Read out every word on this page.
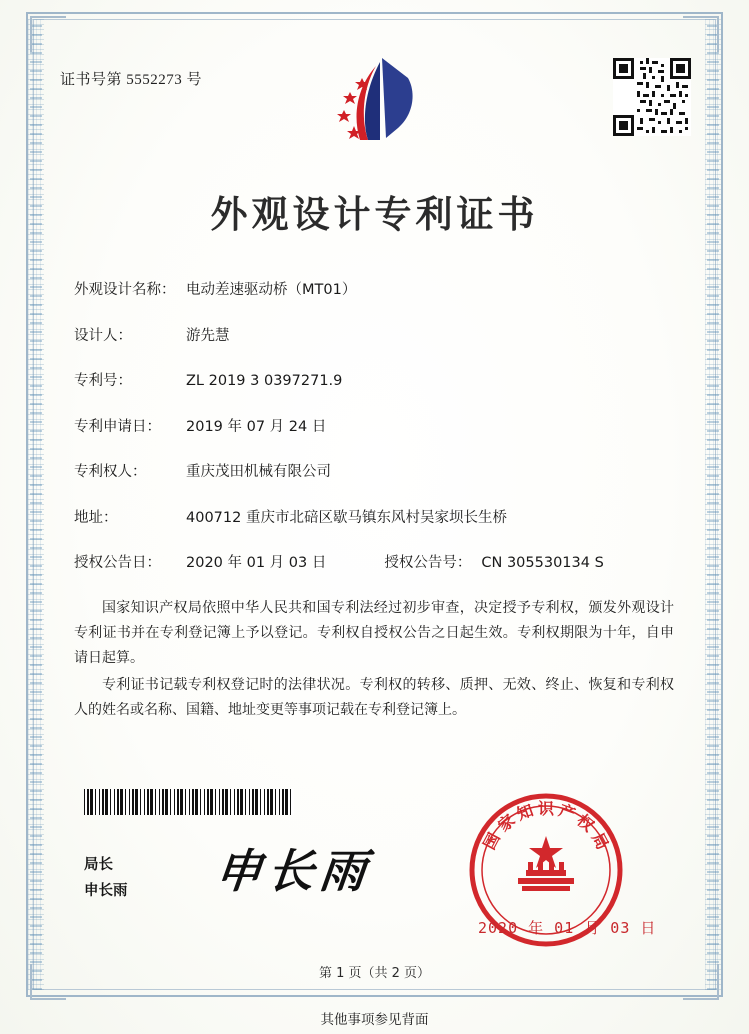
证书号第 5552273 号
外观设计专利证书
外观设计名称： 电动差速驱动桥（MT01）
设计人：	游先慧
专利号：	ZL 2019 3 0397271.9
专利申请日：	2019 年 07 月 24 日
专利权人：	重庆茂田机械有限公司
地址：	400712 重庆市北碚区歇马镇东风村吴家坝长生桥
授权公告日：	2020 年 01 月 03 日	授权公告号： CN 305530134 S

国家知识产权局依照中华人民共和国专利法经过初步审查，决定授予专利权，颁发外观设计专利证书并在专利登记簿上予以登记。专利权自授权公告之日起生效。专利权期限为十年，自申请日起算。

专利证书记载专利权登记时的法律状况。专利权的转移、质押、无效、终止、恢复和专利权人的姓名或名称、国籍、地址变更等事项记载在专利登记簿上。

局长
申长雨 申长雨
国
家
知 识 产
权
局
2020 年 01 月 03 日
第 1 页（共 2 页）
其他事项参见背面
